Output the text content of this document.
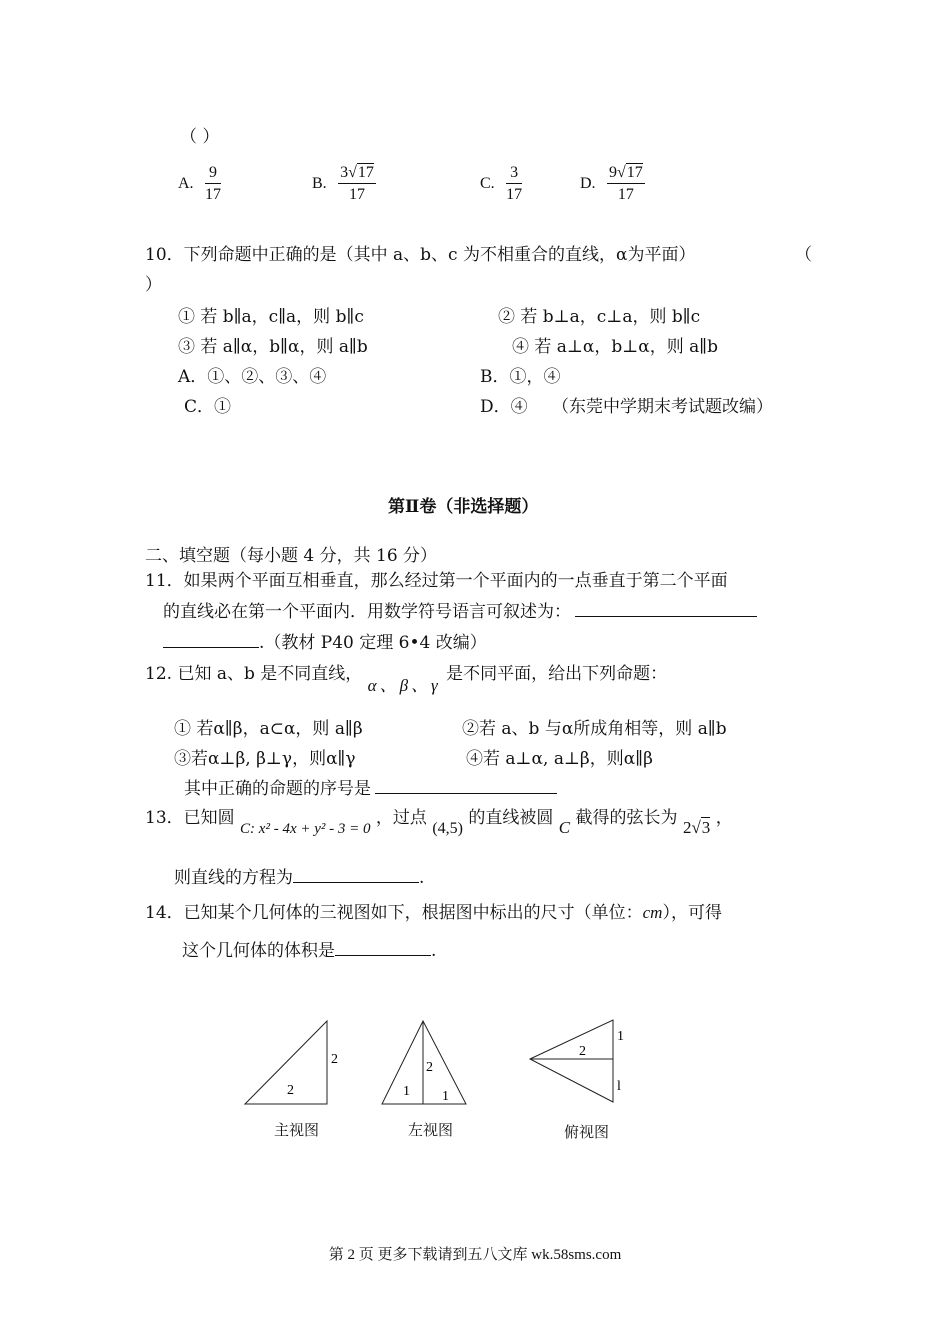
（ ）
A. $\frac{9}{17}$	B. $\frac{3√17}{17}$	C. $\frac{3}{17}$	D. $\frac{9√17}{17}$
10．下列命题中正确的是（其中 a、b、c 为不相重合的直线，α为平面）	（
）
① 若 b∥a，c∥a，则 b∥c	② 若 b⊥a，c⊥a，则 b∥c
③ 若 a∥α，b∥α，则 a∥b	④ 若 a⊥α，b⊥α，则 a∥b
A．①、②、③、④	B．①，④
C．①	D．④ （东莞中学期末考试题改编）
第Ⅱ卷（非选择题）
二、填空题（每小题 4 分，共 16 分）
11．如果两个平面互相垂直，那么经过第一个平面内的一点垂直于第二个平面
的直线必在第一个平面内．用数学符号语言可叙述为：
.（教材 P40 定理 6•4 改编）
12. 已知 a、b 是不同直线， α、β、γ 是不同平面，给出下列命题：
① 若α∥β，a⊂α，则 a∥β	②若 a、b 与α所成角相等，则 a∥b
③若α⊥β, β⊥γ，则α∥γ	④若 a⊥α, a⊥β，则α∥β
其中正确的命题的序号是
13．已知圆 C: x² - 4x + y² - 3 = 0 ，过点 (4,5) 的直线被圆 C 截得的弦长为 2√3 ，
则直线的方程为	.
14．已知某个几何体的三视图如下，根据图中标出的尺寸（单位：cm），可得
这个几何体的体积是	.
2
2
2
1 1
2
1
l
主视图	左视图	俯视图
第 2 页 更多下载请到五八文库 wk.58sms.com
